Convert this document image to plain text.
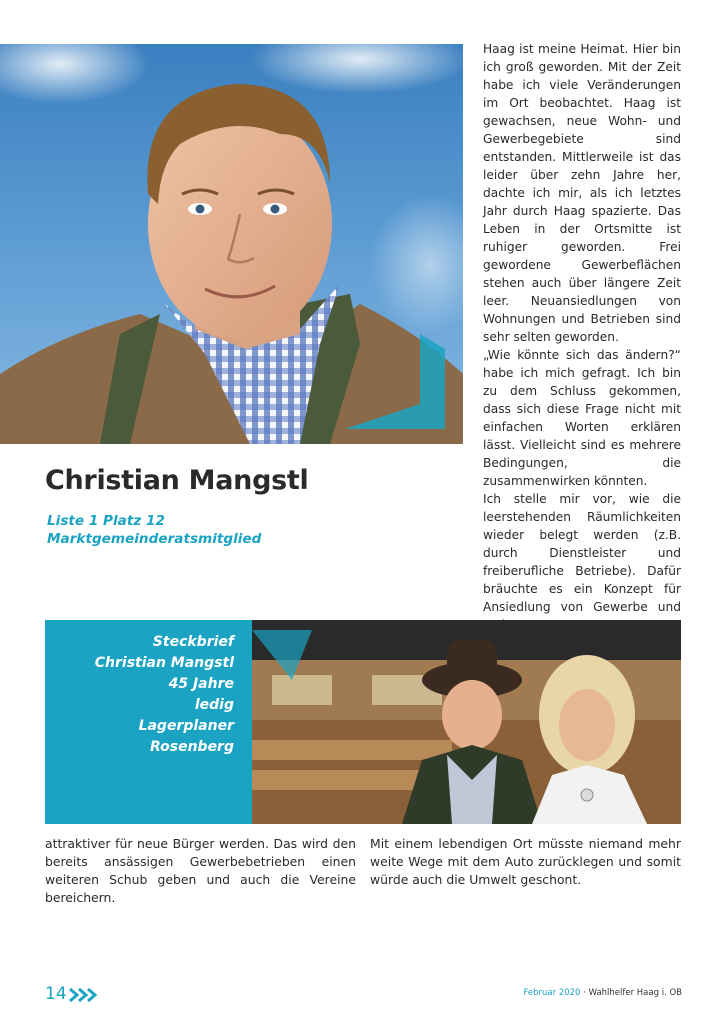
Haag ist meine Heimat. Hier bin ich groß geworden. Mit der Zeit habe ich viele Veränderungen im Ort beobachtet. Haag ist gewachsen, neue Wohn- und Gewerbegebiete sind entstanden. Mittlerweile ist das leider über zehn Jahre her, dachte ich mir, als ich letztes Jahr durch Haag spazierte. Das Leben in der Ortsmitte ist ruhiger geworden. Frei gewordene Gewerbeflächen stehen auch über längere Zeit leer. Neuansiedlungen von Wohnungen und Betrieben sind sehr selten geworden.

„Wie könnte sich das ändern?“ habe ich mich gefragt. Ich bin zu dem Schluss gekommen, dass sich diese Frage nicht mit einfachen Worten erklären lässt. Vielleicht sind es mehrere Bedingungen, die zusammenwirken könnten.

Ich stelle mir vor, wie die leerstehenden Räumlichkeiten wieder belegt werden (z.B. durch Dienstleister und freiberufliche Betriebe). Dafür bräuchte es ein Konzept für Ansiedlung von Gewerbe und

Christian Mangstl
Liste 1 Platz 12
Marktgemeinderatsmitglied
Steckbrief
Christian Mangstl
45 Jahre
ledig
Lagerplaner
Rosenberg

attraktiver für neue Bürger werden. Das wird den bereits ansässigen Gewerbebetrieben einen weiteren Schub geben und auch die Vereine bereichern.

Mit einem lebendigen Ort müsste niemand mehr weite Wege mit dem Auto zurücklegen und somit würde auch die Umwelt geschont.

14	Februar 2020 · Wahlhelfer Haag i. OB
